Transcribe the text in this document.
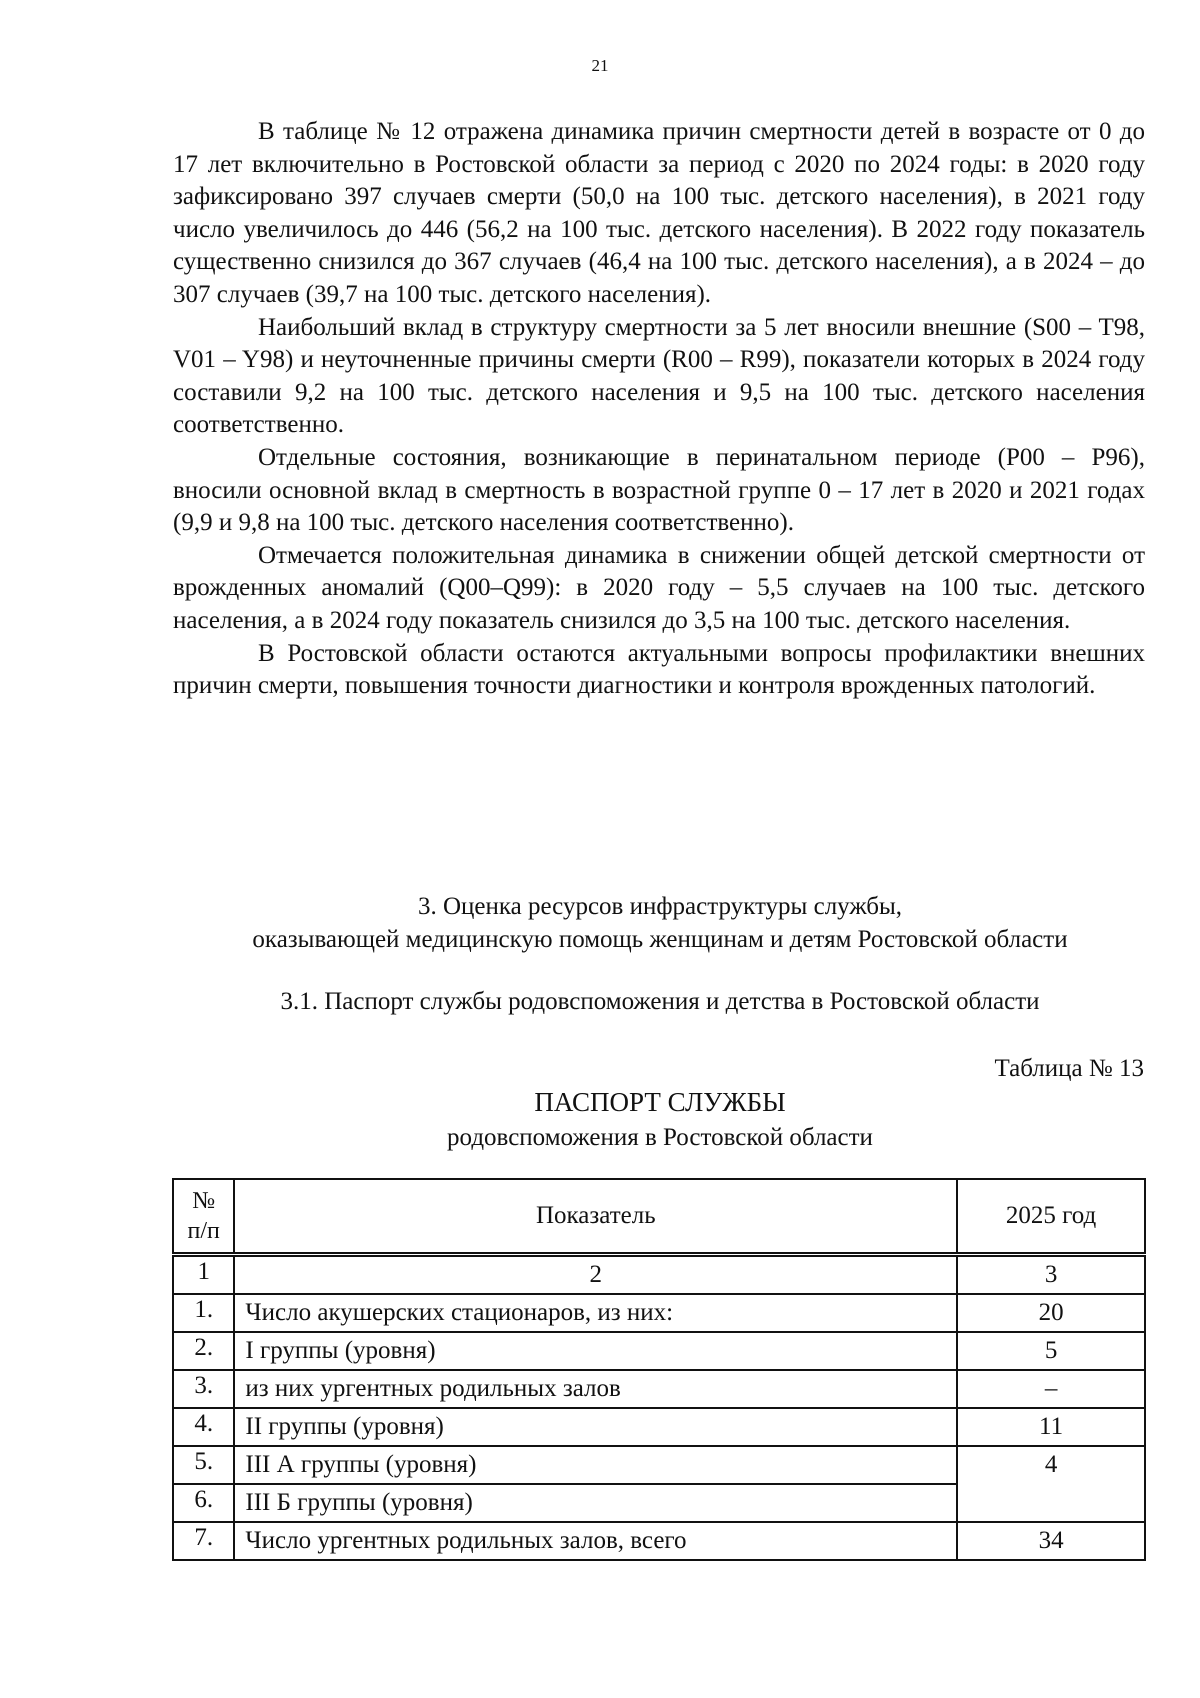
21

В таблице № 12 отражена динамика причин смертности детей в возрасте от 0 до 17 лет включительно в Ростовской области за период с 2020 по 2024 годы: в 2020 году зафиксировано 397 случаев смерти (50,0 на 100 тыс. детского населения), в 2021 году число увеличилось до 446 (56,2 на 100 тыс. детского населения). В 2022 году показатель существенно снизился до 367 случаев (46,4 на 100 тыс. детского населения), а в 2024 – до 307 случаев (39,7 на 100 тыс. детского населения).

Наибольший вклад в структуру смертности за 5 лет вносили внешние (S00 – T98, V01 – Y98) и неуточненные причины смерти (R00 – R99), показатели которых в 2024 году составили 9,2 на 100 тыс. детского населения и 9,5 на 100 тыс. детского населения соответственно.

Отдельные состояния, возникающие в перинатальном периоде (P00 – P96), вносили основной вклад в смертность в возрастной группе 0 – 17 лет в 2020 и 2021 годах (9,9 и 9,8 на 100 тыс. детского населения соответственно).

Отмечается положительная динамика в снижении общей детской смертности от врожденных аномалий (Q00–Q99): в 2020 году – 5,5 случаев на 100 тыс. детского населения, а в 2024 году показатель снизился до 3,5 на 100 тыс. детского населения.

В Ростовской области остаются актуальными вопросы профилактики внешних причин смерти, повышения точности диагностики и контроля врожденных патологий.

3. Оценка ресурсов инфраструктуры службы,
оказывающей медицинскую помощь женщинам и детям Ростовской области
3.1. Паспорт службы родовспоможения и детства в Ростовской области
Таблица № 13
ПАСПОРТ СЛУЖБЫ
родовспоможения в Ростовской области
№
п/п	Показатель	2025 год
1	2	3
1.	Число акушерских стационаров, из них:	20
2.	I группы (уровня)	5
3.	из них ургентных родильных залов	–
4.	II группы (уровня)	11
5.	III А группы (уровня)	4
6.	III Б группы (уровня)	
7.	Число ургентных родильных залов, всего	34
